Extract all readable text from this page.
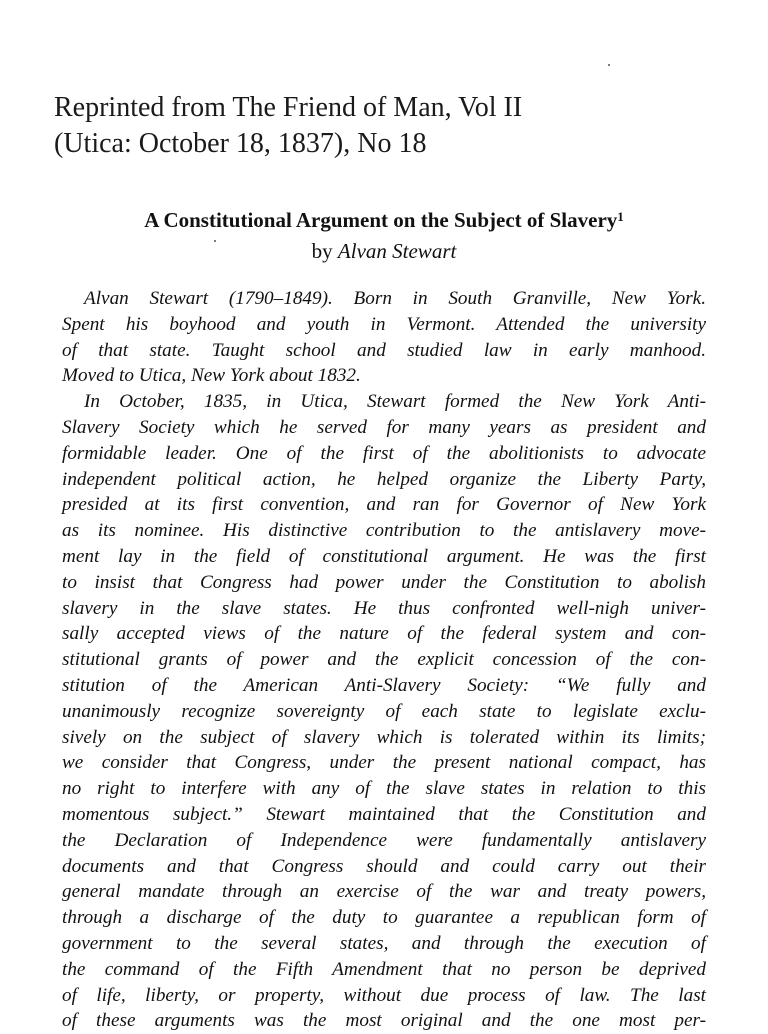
Reprinted from The Friend of Man, Vol II
(Utica: October 18, 1837), No 18
A Constitutional Argument on the Subject of Slavery$^1$
by Alvan Stewart
Alvan Stewart (1790–1849). Born in South Granville, New York.
Spent his boyhood and youth in Vermont. Attended the university
of that state. Taught school and studied law in early manhood.
Moved to Utica, New York about 1832.
In October, 1835, in Utica, Stewart formed the New York Anti-
Slavery Society which he served for many years as president and
formidable leader. One of the first of the abolitionists to advocate
independent political action, he helped organize the Liberty Party,
presided at its first convention, and ran for Governor of New York
as its nominee. His distinctive contribution to the antislavery move-
ment lay in the field of constitutional argument. He was the first
to insist that Congress had power under the Constitution to abolish
slavery in the slave states. He thus confronted well-nigh univer-
sally accepted views of the nature of the federal system and con-
stitutional grants of power and the explicit concession of the con-
stitution of the American Anti-Slavery Society: “We fully and
unanimously recognize sovereignty of each state to legislate exclu-
sively on the subject of slavery which is tolerated within its limits;
we consider that Congress, under the present national compact, has
no right to interfere with any of the slave states in relation to this
momentous subject.” Stewart maintained that the Constitution and
the Declaration of Independence were fundamentally antislavery
documents and that Congress should and could carry out their
general mandate through an exercise of the war and treaty powers,
through a discharge of the duty to guarantee a republican form of
government to the several states, and through the execution of
the command of the Fifth Amendment that no person be deprived
of life, liberty, or property, without due process of law. The last
of these arguments was the most original and the one most per-
